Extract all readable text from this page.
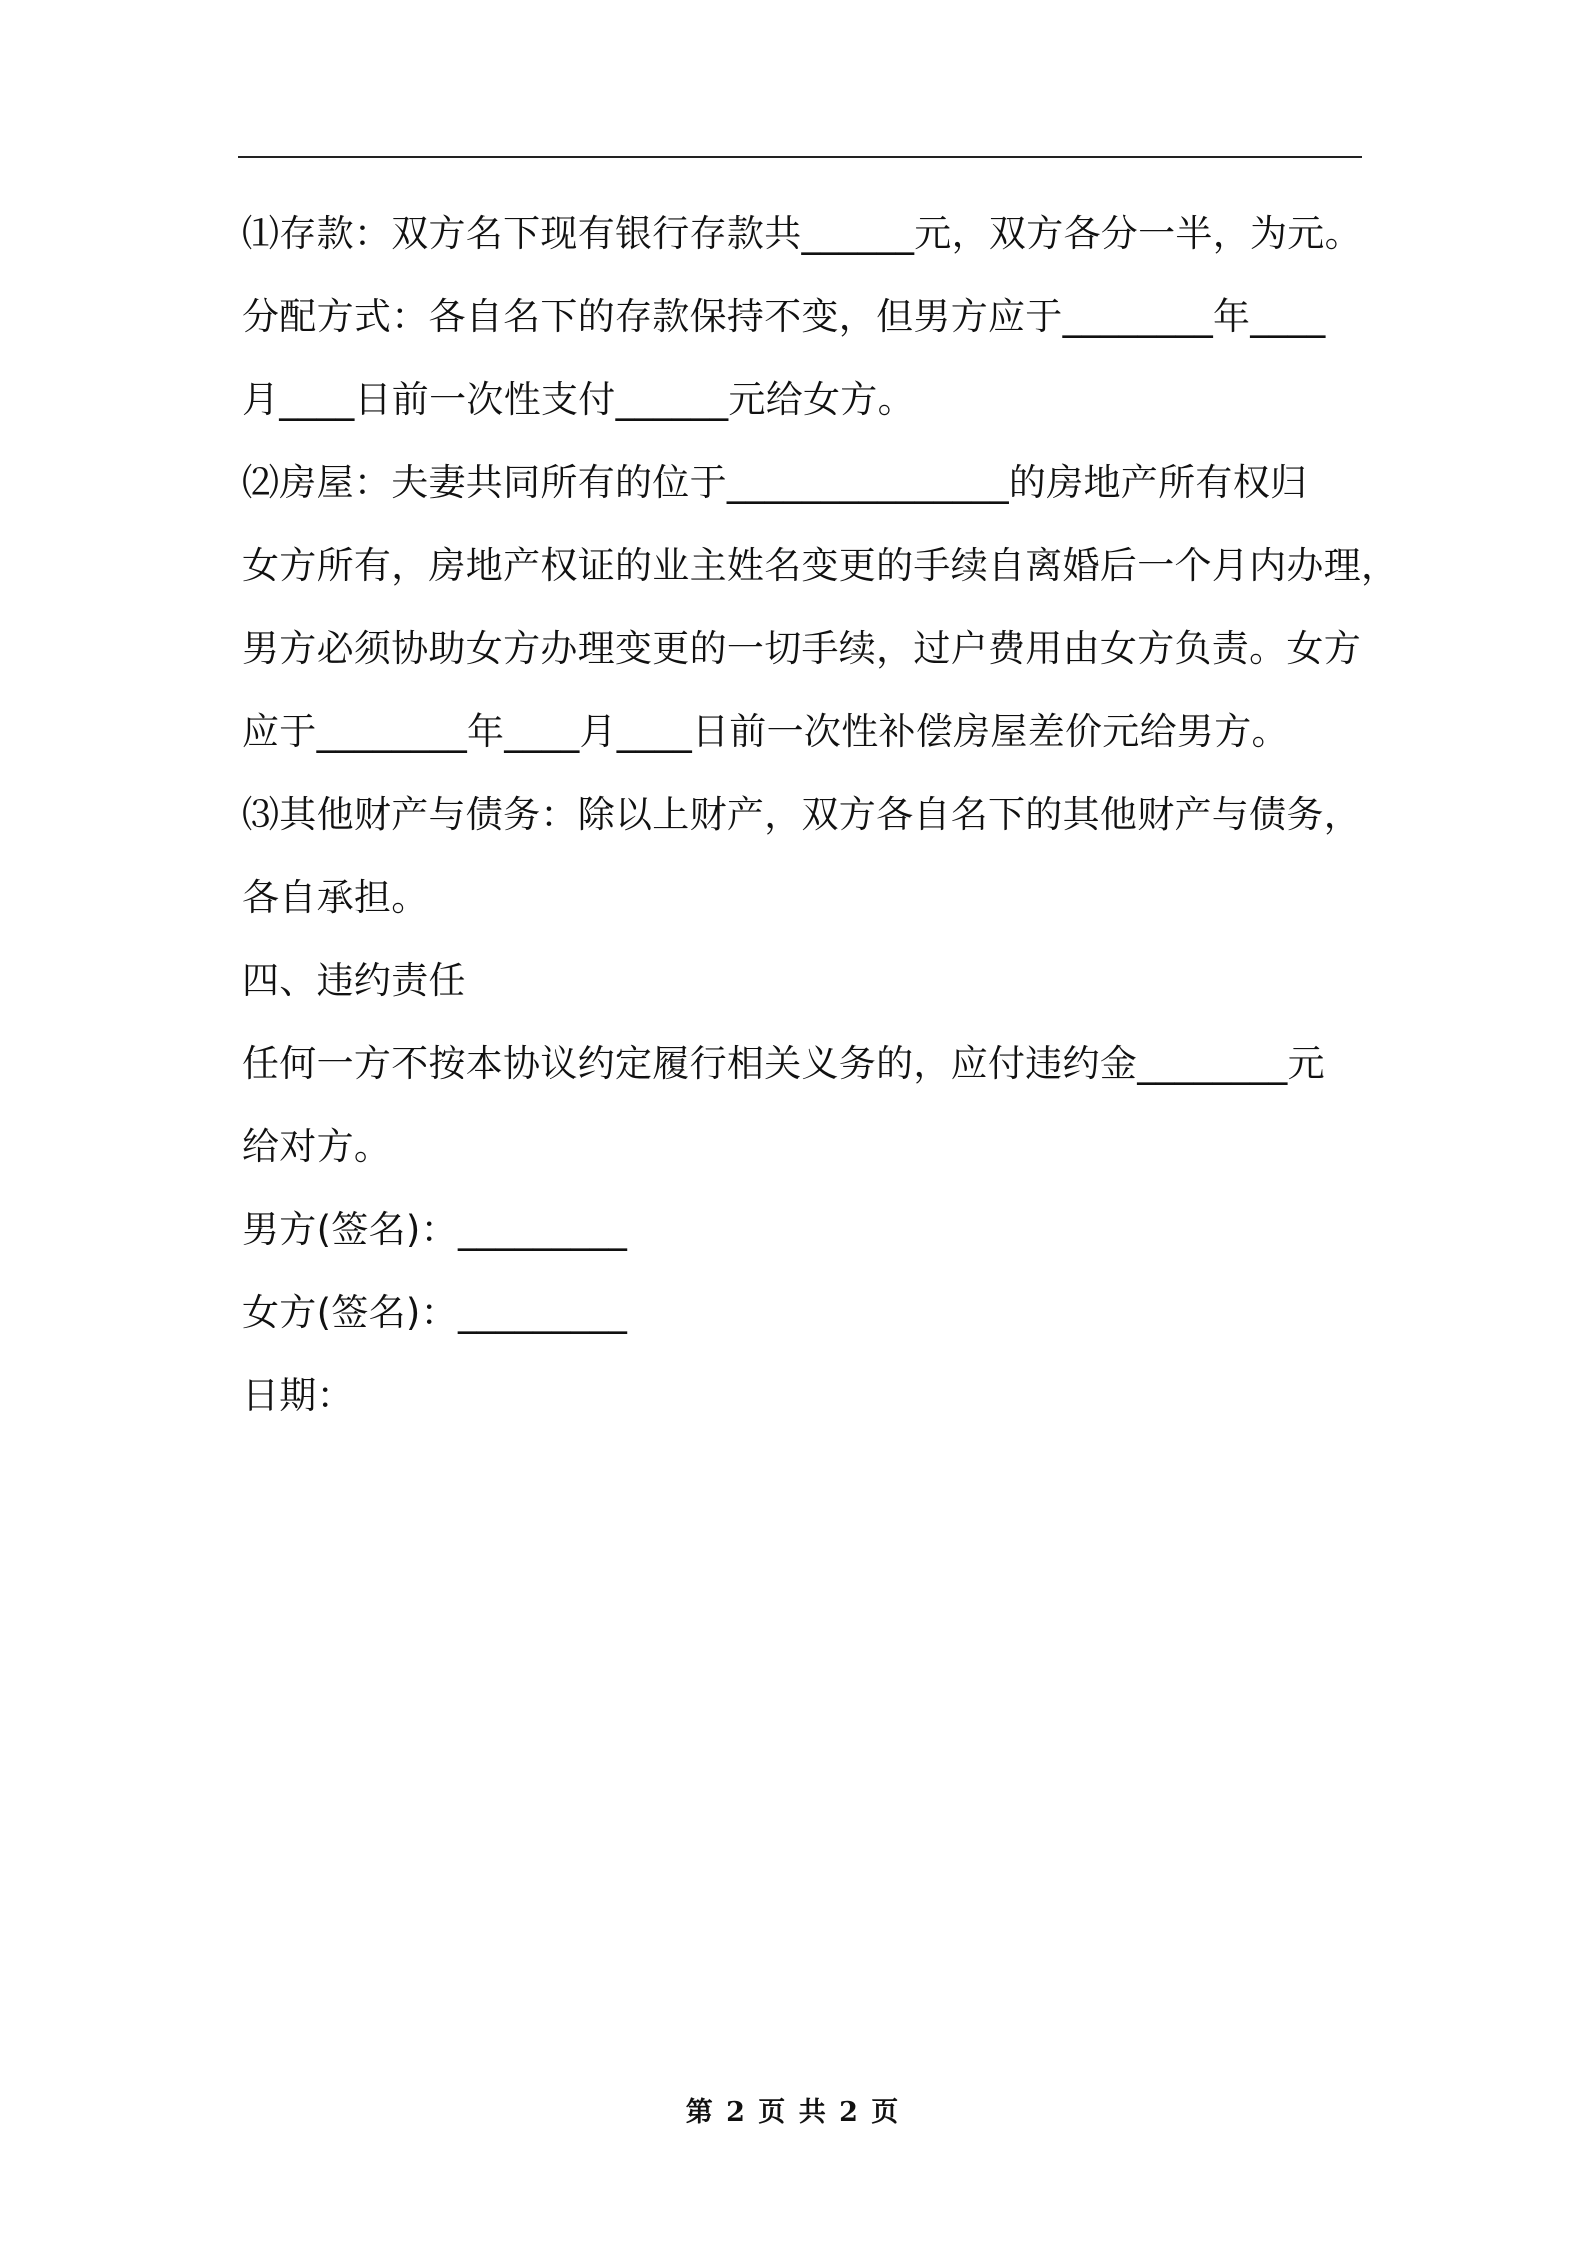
⑴存款：双方名下现有银行存款共______元，双方各分一半，为元。
分配方式：各自名下的存款保持不变，但男方应于________年____
月____日前一次性支付______元给女方。
⑵房屋：夫妻共同所有的位于_______________的房地产所有权归
女方所有，房地产权证的业主姓名变更的手续自离婚后一个月内办理，
男方必须协助女方办理变更的一切手续，过户费用由女方负责。女方
应于________年____月____日前一次性补偿房屋差价元给男方。
⑶其他财产与债务：除以上财产，双方各自名下的其他财产与债务，
各自承担。
四、违约责任
任何一方不按本协议约定履行相关义务的，应付违约金________元
给对方。
男方(签名)：_________
女方(签名)：_________
日期：
第 2 页 共 2 页
